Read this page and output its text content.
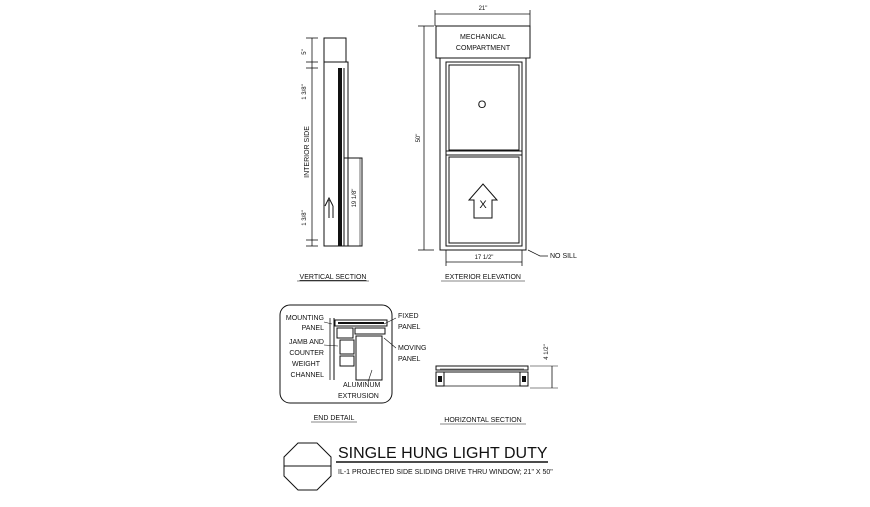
5"
1 3/8"
INTERIOR SIDE
19 1/8"
1 3/8"
VERTICAL SECTION
21"
50"
MECHANICAL
COMPARTMENT
O
X
17 1/2"	NO SILL
EXTERIOR ELEVATION
MOUNTING
PANEL
JAMB AND
COUNTER
WEIGHT
CHANNEL
FIXED
PANEL
MOVING
PANEL
ALUMINUM
EXTRUSION
END DETAIL
4 1/2"
HORIZONTAL SECTION
SINGLE HUNG LIGHT DUTY
IL-1 PROJECTED SIDE SLIDING DRIVE THRU WINDOW; 21" X 50"
